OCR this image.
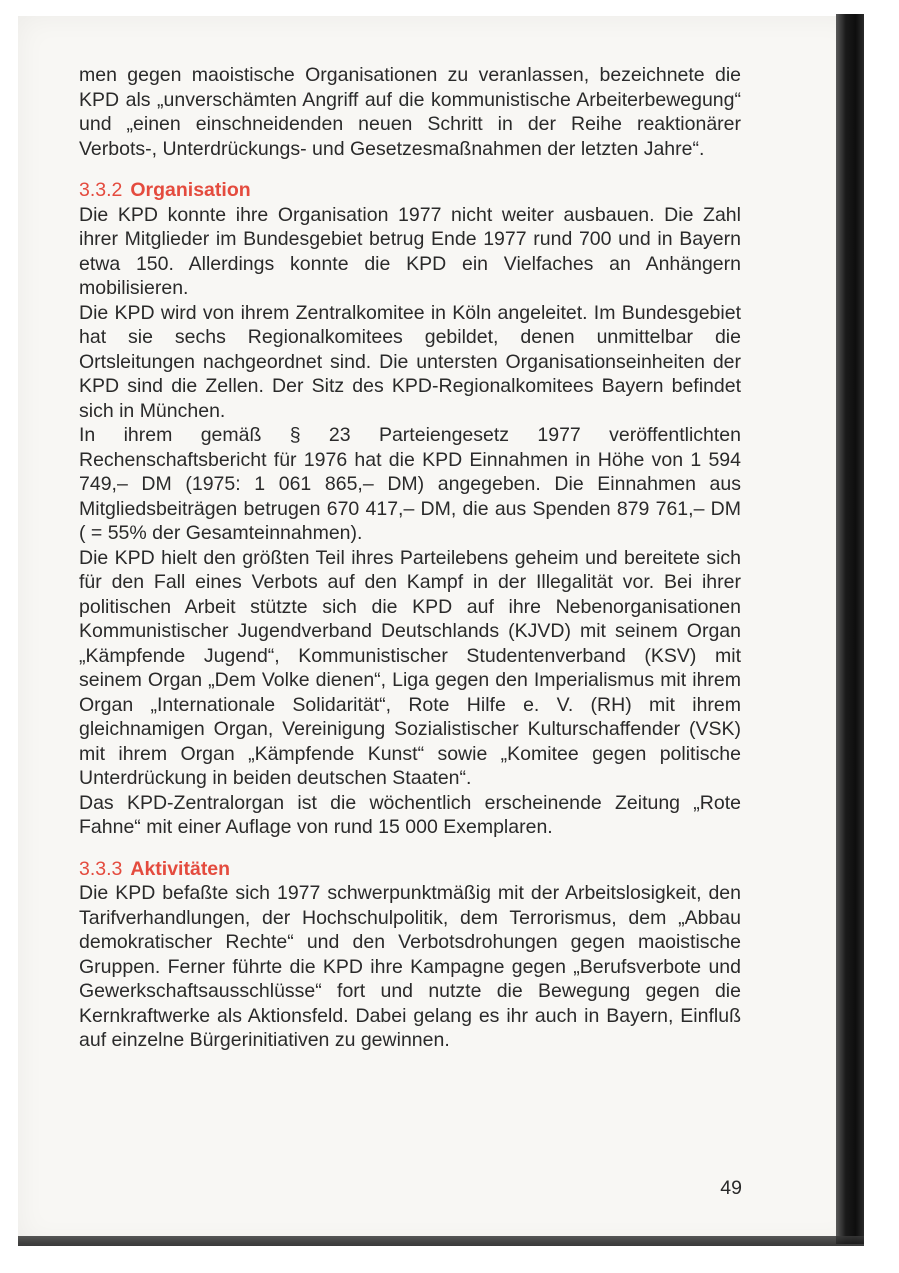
men gegen maoistische Organisationen zu veranlassen, bezeichnete die KPD als „unverschämten Angriff auf die kommunistische Arbeiterbewegung“ und „einen einschneidenden neuen Schritt in der Reihe reaktionärer Verbots-, Unterdrückungs- und Gesetzesmaßnahmen der letzten Jahre“.

3.3.2 Organisation

Die KPD konnte ihre Organisation 1977 nicht weiter ausbauen. Die Zahl ihrer Mitglieder im Bundesgebiet betrug Ende 1977 rund 700 und in Bayern etwa 150. Allerdings konnte die KPD ein Vielfaches an Anhängern mobilisieren.

Die KPD wird von ihrem Zentralkomitee in Köln angeleitet. Im Bundesgebiet hat sie sechs Regionalkomitees gebildet, denen unmittelbar die Ortsleitungen nachgeordnet sind. Die untersten Organisationseinheiten der KPD sind die Zellen. Der Sitz des KPD-Regionalkomitees Bayern befindet sich in München.

In ihrem gemäß § 23 Parteiengesetz 1977 veröffentlichten Rechenschaftsbericht für 1976 hat die KPD Einnahmen in Höhe von 1 594 749,– DM (1975: 1 061 865,– DM) angegeben. Die Einnahmen aus Mitgliedsbeiträgen betrugen 670 417,– DM, die aus Spenden 879 761,– DM ( = 55% der Gesamteinnahmen).

Die KPD hielt den größten Teil ihres Parteilebens geheim und bereitete sich für den Fall eines Verbots auf den Kampf in der Illegalität vor. Bei ihrer politischen Arbeit stützte sich die KPD auf ihre Nebenorganisationen Kommunistischer Jugendverband Deutschlands (KJVD) mit seinem Organ „Kämpfende Jugend“, Kommunistischer Studentenverband (KSV) mit seinem Organ „Dem Volke dienen“, Liga gegen den Imperialismus mit ihrem Organ „Internationale Solidarität“, Rote Hilfe e. V. (RH) mit ihrem gleichnamigen Organ, Vereinigung Sozialistischer Kulturschaffender (VSK) mit ihrem Organ „Kämpfende Kunst“ sowie „Komitee gegen politische Unterdrückung in beiden deutschen Staaten“.

Das KPD-Zentralorgan ist die wöchentlich erscheinende Zeitung „Rote Fahne“ mit einer Auflage von rund 15 000 Exemplaren.

3.3.3 Aktivitäten

Die KPD befaßte sich 1977 schwerpunktmäßig mit der Arbeitslosigkeit, den Tarifverhandlungen, der Hochschulpolitik, dem Terrorismus, dem „Abbau demokratischer Rechte“ und den Verbotsdrohungen gegen maoistische Gruppen. Ferner führte die KPD ihre Kampagne gegen „Berufsverbote und Gewerkschaftsausschlüsse“ fort und nutzte die Bewegung gegen die Kernkraftwerke als Aktionsfeld. Dabei gelang es ihr auch in Bayern, Einfluß auf einzelne Bürgerinitiativen zu gewinnen.

49
